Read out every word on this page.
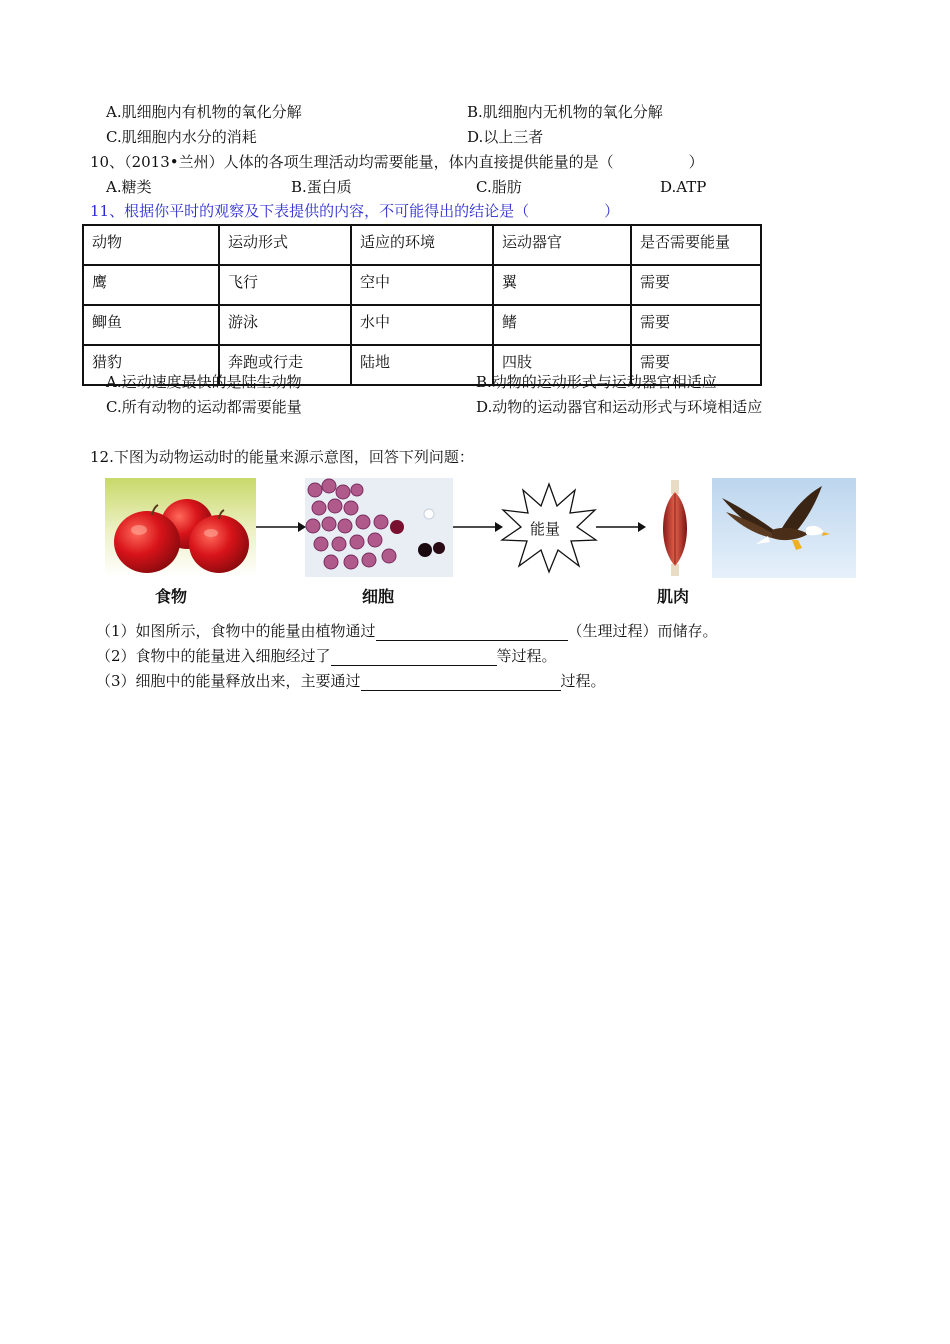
A.肌细胞内有机物的氧化分解	B.肌细胞内无机物的氧化分解
C.肌细胞内水分的消耗	D.以上三者
10、（2013•兰州）人体的各项生理活动均需要能量，体内直接提供能量的是（　　　　　）
A.糖类	B.蛋白质	C.脂肪	D.ATP
11、根据你平时的观察及下表提供的内容，不可能得出的结论是（　　　　　）
动物	运动形式	适应的环境	运动器官	是否需要能量
鹰	飞行	空中	翼	需要
鲫鱼	游泳	水中	鳍	需要
猎豹	奔跑或行走	陆地	四肢	需要
A.运动速度最快的是陆生动物	B.动物的运动形式与运动器官相适应
C.所有动物的运动都需要能量	D.动物的运动器官和运动形式与环境相适应
12.下图为动物运动时的能量来源示意图，回答下列问题：
能量
食物	细胞	肌肉
（1）如图所示，食物中的能量由植物通过	（生理过程）而储存。
（2）食物中的能量进入细胞经过了	等过程。
（3）细胞中的能量释放出来，主要通过	过程。
